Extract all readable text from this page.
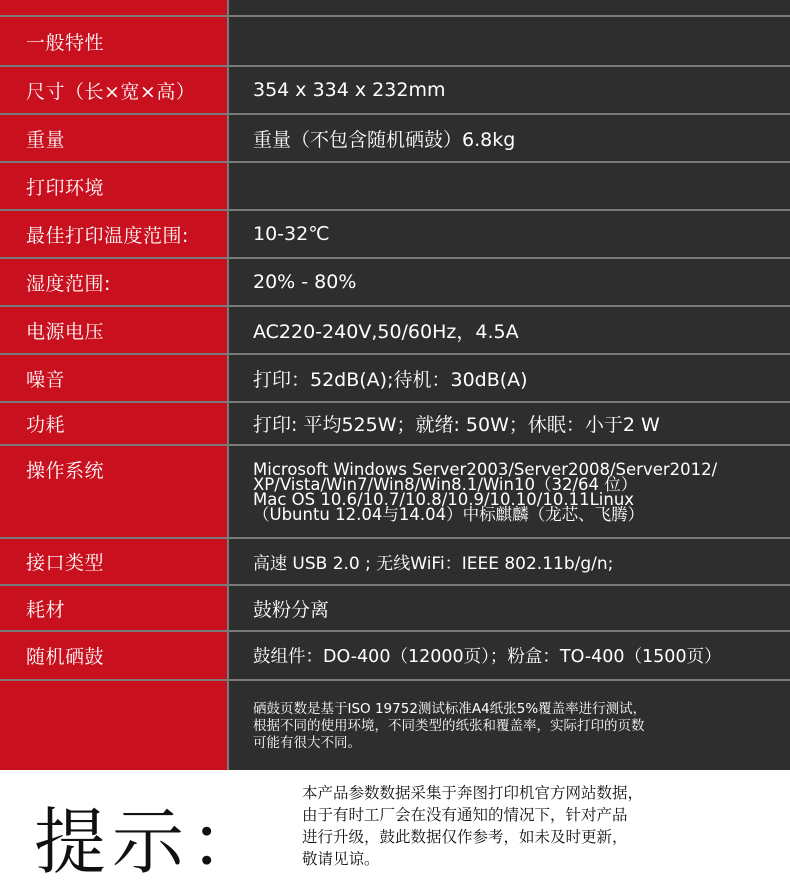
一般特性
尺寸（长×宽×高）	354 x 334 x 232mm
重量	重量（不包含随机硒鼓）6.8kg
打印环境
最佳打印温度范围:	10-32℃
湿度范围:	20% - 80%
电源电压	AC220-240V,50/60Hz，4.5A
噪音	打印：52dB(A);待机：30dB(A)
功耗	打印: 平均525W；就绪: 50W；休眠：小于2 W
操作系统	Microsoft Windows Server2003/Server2008/Server2012/
XP/Vista/Win7/Win8/Win8.1/Win10（32/64 位）
Mac OS 10.6/10.7/10.8/10.9/10.10/10.11Linux
（Ubuntu 12.04与14.04）中标麒麟（龙芯、飞腾）
接口类型	高速 USB 2.0 ; 无线WiFi：IEEE 802.11b/g/n;
耗材	鼓粉分离
随机硒鼓	鼓组件：DO-400（12000页）；粉盒：TO-400（1500页）
硒鼓页数是基于ISO 19752测试标准A4纸张5%覆盖率进行测试，
根据不同的使用环境，不同类型的纸张和覆盖率，实际打印的页数
可能有很大不同。
提示：
本产品参数数据采集于奔图打印机官方网站数据，
由于有时工厂会在没有通知的情况下，针对产品
进行升级，鼓此数据仅作参考，如未及时更新，
敬请见谅。
